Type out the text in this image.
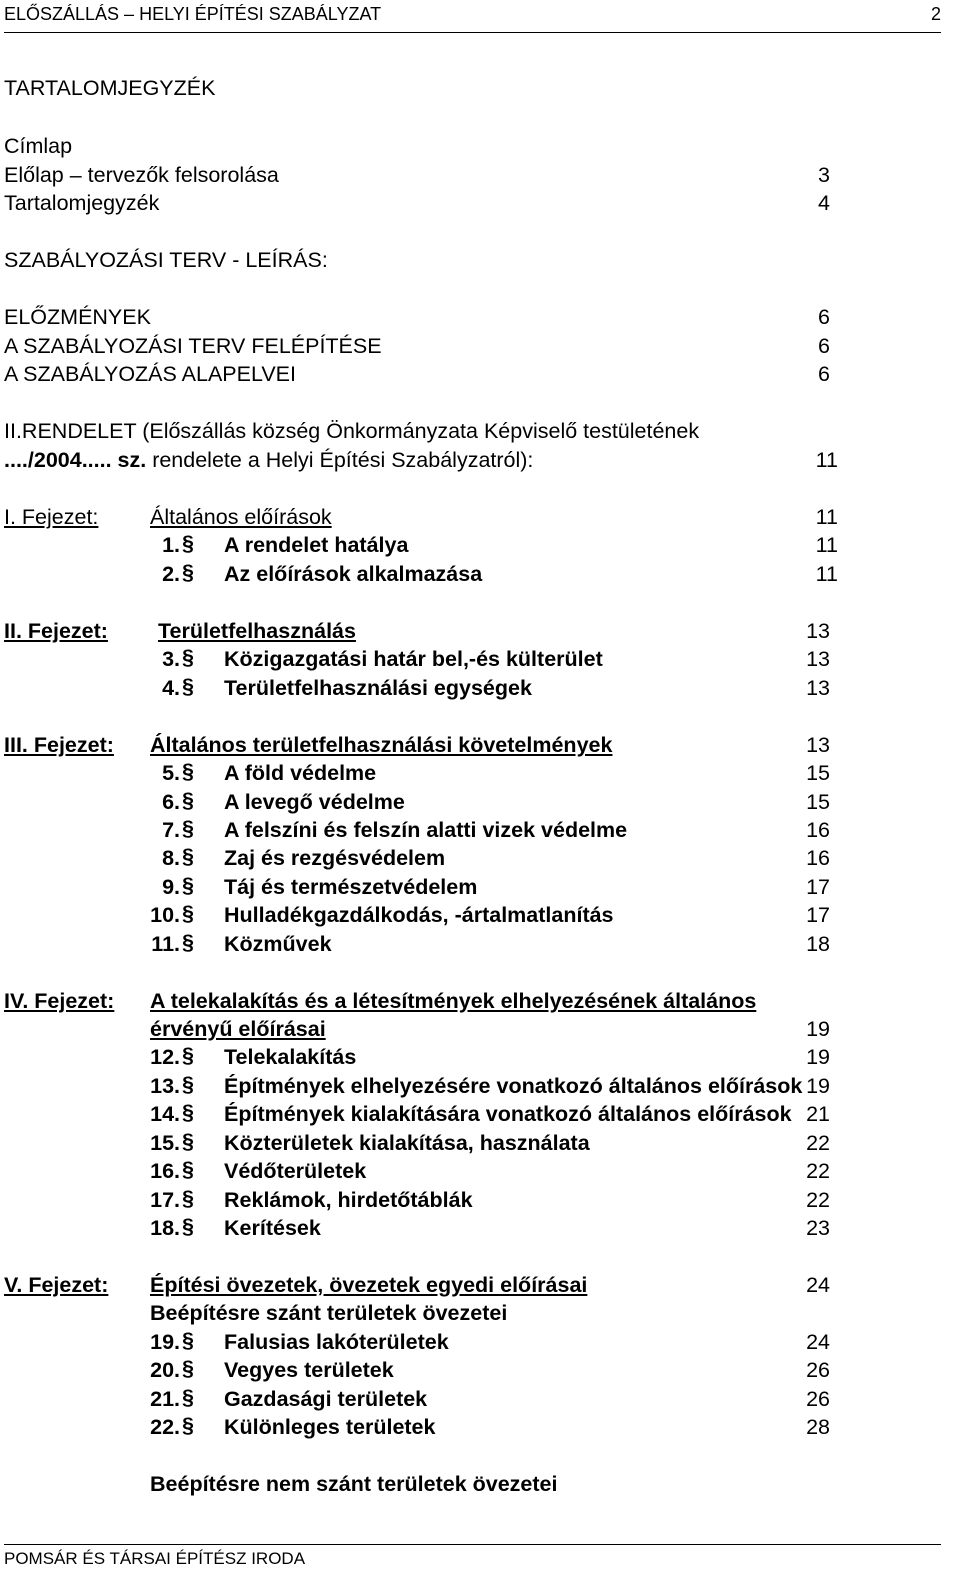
ELŐSZÁLLÁS – HELYI ÉPÍTÉSI SZABÁLYZAT	2
TARTALOMJEGYZÉK
Címlap
Előlap – tervezők felsorolása	3
Tartalomjegyzék	4
SZABÁLYOZÁSI TERV - LEÍRÁS:
ELŐZMÉNYEK	6
A SZABÁLYOZÁSI TERV FELÉPÍTÉSE	6
A SZABÁLYOZÁS ALAPELVEI	6
II.RENDELET (Előszállás község Önkormányzata Képviselő testületének
..../2004..... sz. rendelete a Helyi Építési Szabályzatról):	11
I. Fejezet: Általános előírások	11
1. § A rendelet hatálya	11
2. § Az előírások alkalmazása	11
II. Fejezet: Területfelhasználás	13
3. § Közigazgatási határ bel,-és külterület	13
4. § Területfelhasználási egységek	13
III. Fejezet: Általános területfelhasználási követelmények	13
5. § A föld védelme	15
6. § A levegő védelme	15
7. § A felszíni és felszín alatti vizek védelme	16
8. § Zaj és rezgésvédelem	16
9. § Táj és természetvédelem	17
10. § Hulladékgazdálkodás, -ártalmatlanítás	17
11. § Közművek	18
IV. Fejezet: A telekalakítás és a létesítmények elhelyezésének általános
érvényű előírásai	19
12. § Telekalakítás	19
13. § Építmények elhelyezésére vonatkozó általános előírások 19
14. § Építmények kialakítására vonatkozó általános előírások 21
15. § Közterületek kialakítása, használata	22
16. § Védőterületek	22
17. § Reklámok, hirdetőtáblák	22
18. § Kerítések	23
V. Fejezet: Építési övezetek, övezetek egyedi előírásai	24
Beépítésre szánt területek övezetei
19. § Falusias lakóterületek	24
20. § Vegyes területek	26
21. § Gazdasági területek	26
22. § Különleges területek	28
Beépítésre nem szánt területek övezetei
POMSÁR ÉS TÁRSAI ÉPÍTÉSZ IRODA
